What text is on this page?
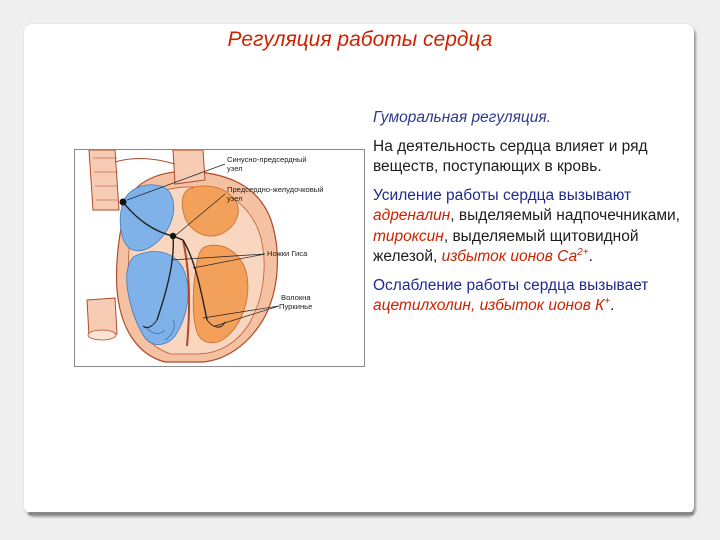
Регуляция работы сердца
Синусно-предсердный
узел
Предсердно-желудочковый
узел
Ножки Гиса
Волокна
Пуркинье

Гуморальная регуляция.

На деятельность сердца влияет и ряд веществ, поступающих в кровь.

Усиление работы сердца вызывают адреналин, выделяемый надпочечниками, тироксин, выделяемый щитовидной железой, избыток ионов $Са^{2+}$.

Ослабление работы сердца вызывает ацетилхолин, избыток ионов К+.
